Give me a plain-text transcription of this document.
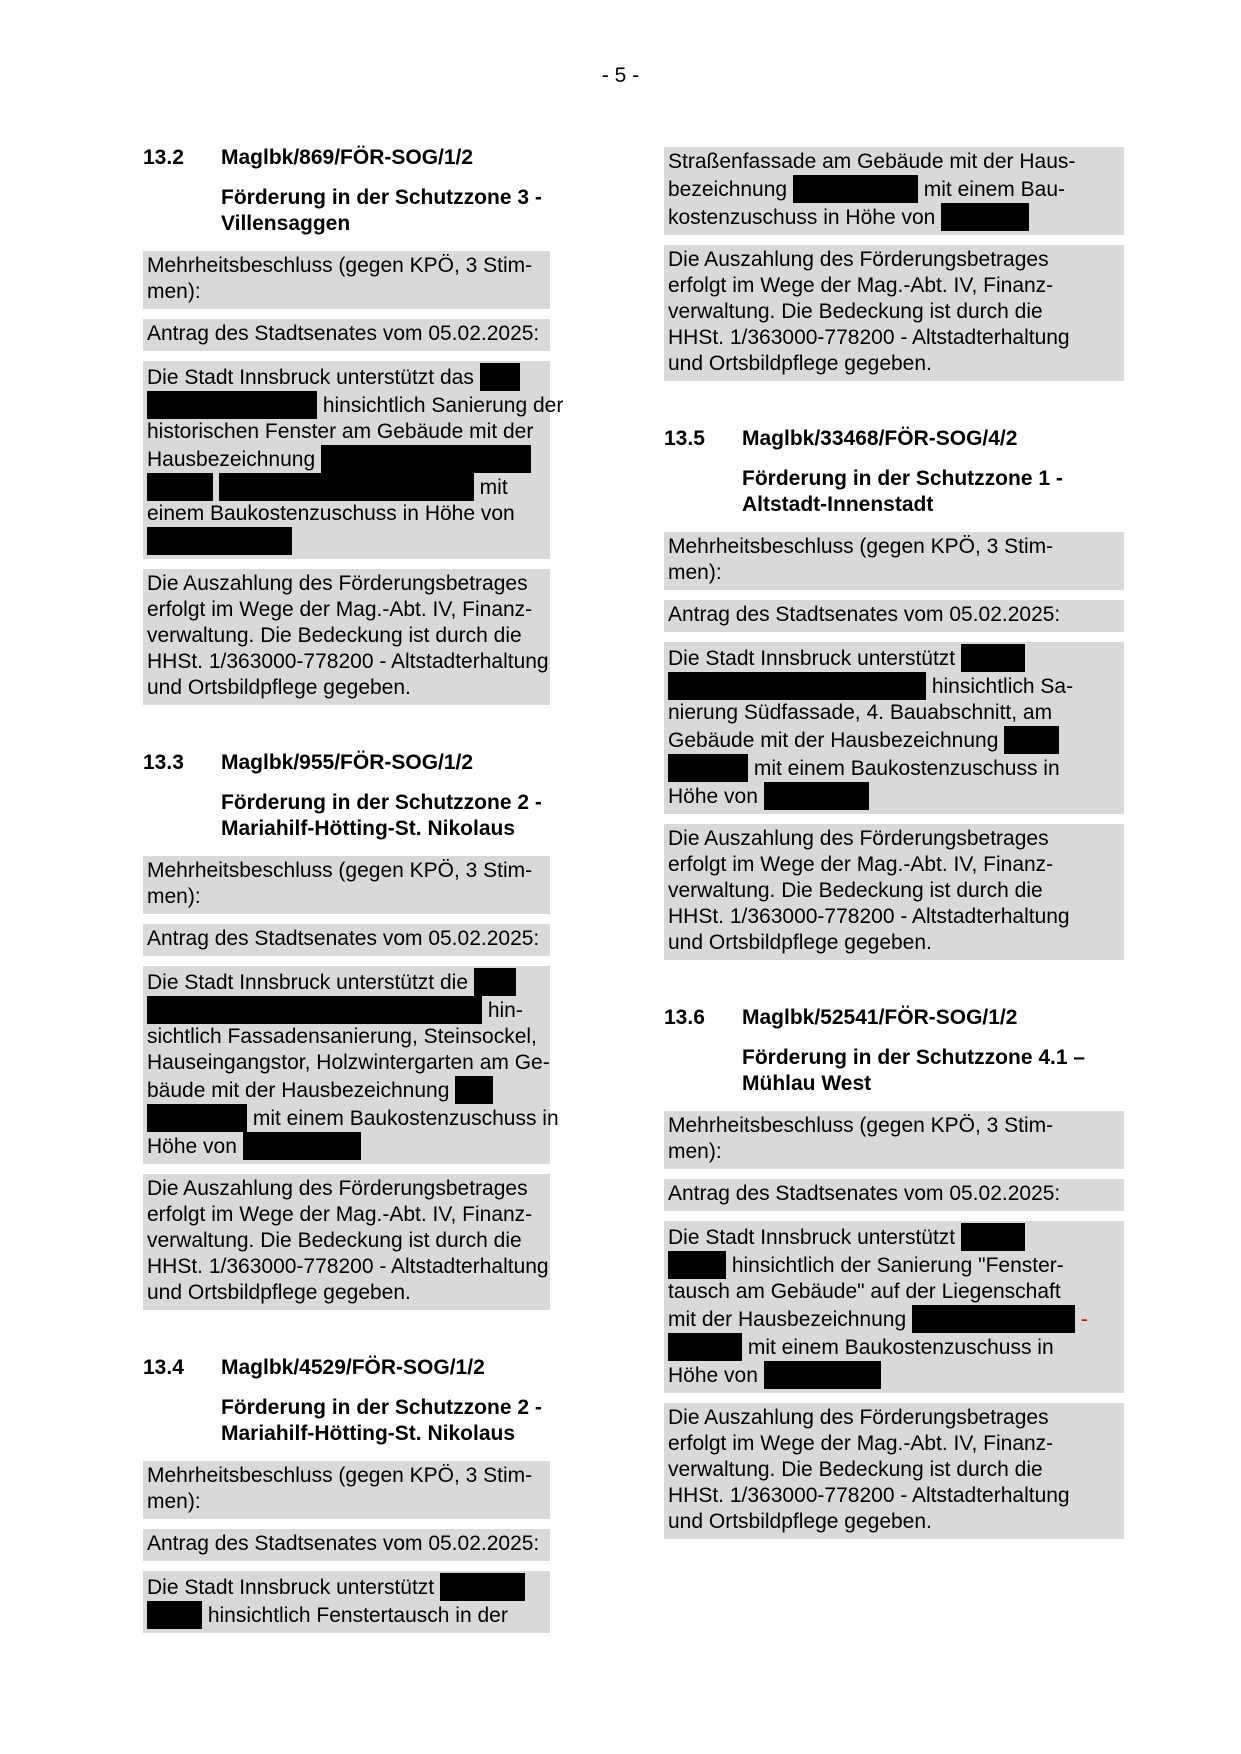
- 5 -
13.2 Maglbk/869/FÖR-SOG/1/2
Förderung in der Schutzzone 3 -
Villensaggen
Mehrheitsbeschluss (gegen KPÖ, 3 Stim-
men):
Antrag des Stadtsenates vom 05.02.2025:
Die Stadt Innsbruck unterstützt das
hinsichtlich Sanierung der
historischen Fenster am Gebäude mit der
Hausbezeichnung
mit
einem Baukostenzuschuss in Höhe von
Die Auszahlung des Förderungsbetrages
erfolgt im Wege der Mag.-Abt. IV, Finanz-
verwaltung. Die Bedeckung ist durch die
HHSt. 1/363000-778200 - Altstadterhaltung
und Ortsbildpflege gegeben.
13.3 Maglbk/955/FÖR-SOG/1/2
Förderung in der Schutzzone 2 -
Mariahilf-Hötting-St. Nikolaus
Mehrheitsbeschluss (gegen KPÖ, 3 Stim-
men):
Antrag des Stadtsenates vom 05.02.2025:
Die Stadt Innsbruck unterstützt die
hin-
sichtlich Fassadensanierung, Steinsockel,
Hauseingangstor, Holzwintergarten am Ge-
bäude mit der Hausbezeichnung
mit einem Baukostenzuschuss in
Höhe von
Die Auszahlung des Förderungsbetrages
erfolgt im Wege der Mag.-Abt. IV, Finanz-
verwaltung. Die Bedeckung ist durch die
HHSt. 1/363000-778200 - Altstadterhaltung
und Ortsbildpflege gegeben.
13.4 Maglbk/4529/FÖR-SOG/1/2
Förderung in der Schutzzone 2 -
Mariahilf-Hötting-St. Nikolaus
Mehrheitsbeschluss (gegen KPÖ, 3 Stim-
men):
Antrag des Stadtsenates vom 05.02.2025:
Die Stadt Innsbruck unterstützt
hinsichtlich Fenstertausch in der
Straßenfassade am Gebäude mit der Haus-
bezeichnung	mit einem Bau-
kostenzuschuss in Höhe von
Die Auszahlung des Förderungsbetrages
erfolgt im Wege der Mag.-Abt. IV, Finanz-
verwaltung. Die Bedeckung ist durch die
HHSt. 1/363000-778200 - Altstadterhaltung
und Ortsbildpflege gegeben.
13.5 Maglbk/33468/FÖR-SOG/4/2
Förderung in der Schutzzone 1 -
Altstadt-Innenstadt
Mehrheitsbeschluss (gegen KPÖ, 3 Stim-
men):
Antrag des Stadtsenates vom 05.02.2025:
Die Stadt Innsbruck unterstützt
hinsichtlich Sa-
nierung Südfassade, 4. Bauabschnitt, am
Gebäude mit der Hausbezeichnung
mit einem Baukostenzuschuss in
Höhe von
Die Auszahlung des Förderungsbetrages
erfolgt im Wege der Mag.-Abt. IV, Finanz-
verwaltung. Die Bedeckung ist durch die
HHSt. 1/363000-778200 - Altstadterhaltung
und Ortsbildpflege gegeben.
13.6 Maglbk/52541/FÖR-SOG/1/2
Förderung in der Schutzzone 4.1 –
Mühlau West
Mehrheitsbeschluss (gegen KPÖ, 3 Stim-
men):
Antrag des Stadtsenates vom 05.02.2025:
Die Stadt Innsbruck unterstützt
hinsichtlich der Sanierung "Fenster-
tausch am Gebäude" auf der Liegenschaft
mit der Hausbezeichnung	-
mit einem Baukostenzuschuss in
Höhe von
Die Auszahlung des Förderungsbetrages
erfolgt im Wege der Mag.-Abt. IV, Finanz-
verwaltung. Die Bedeckung ist durch die
HHSt. 1/363000-778200 - Altstadterhaltung
und Ortsbildpflege gegeben.
